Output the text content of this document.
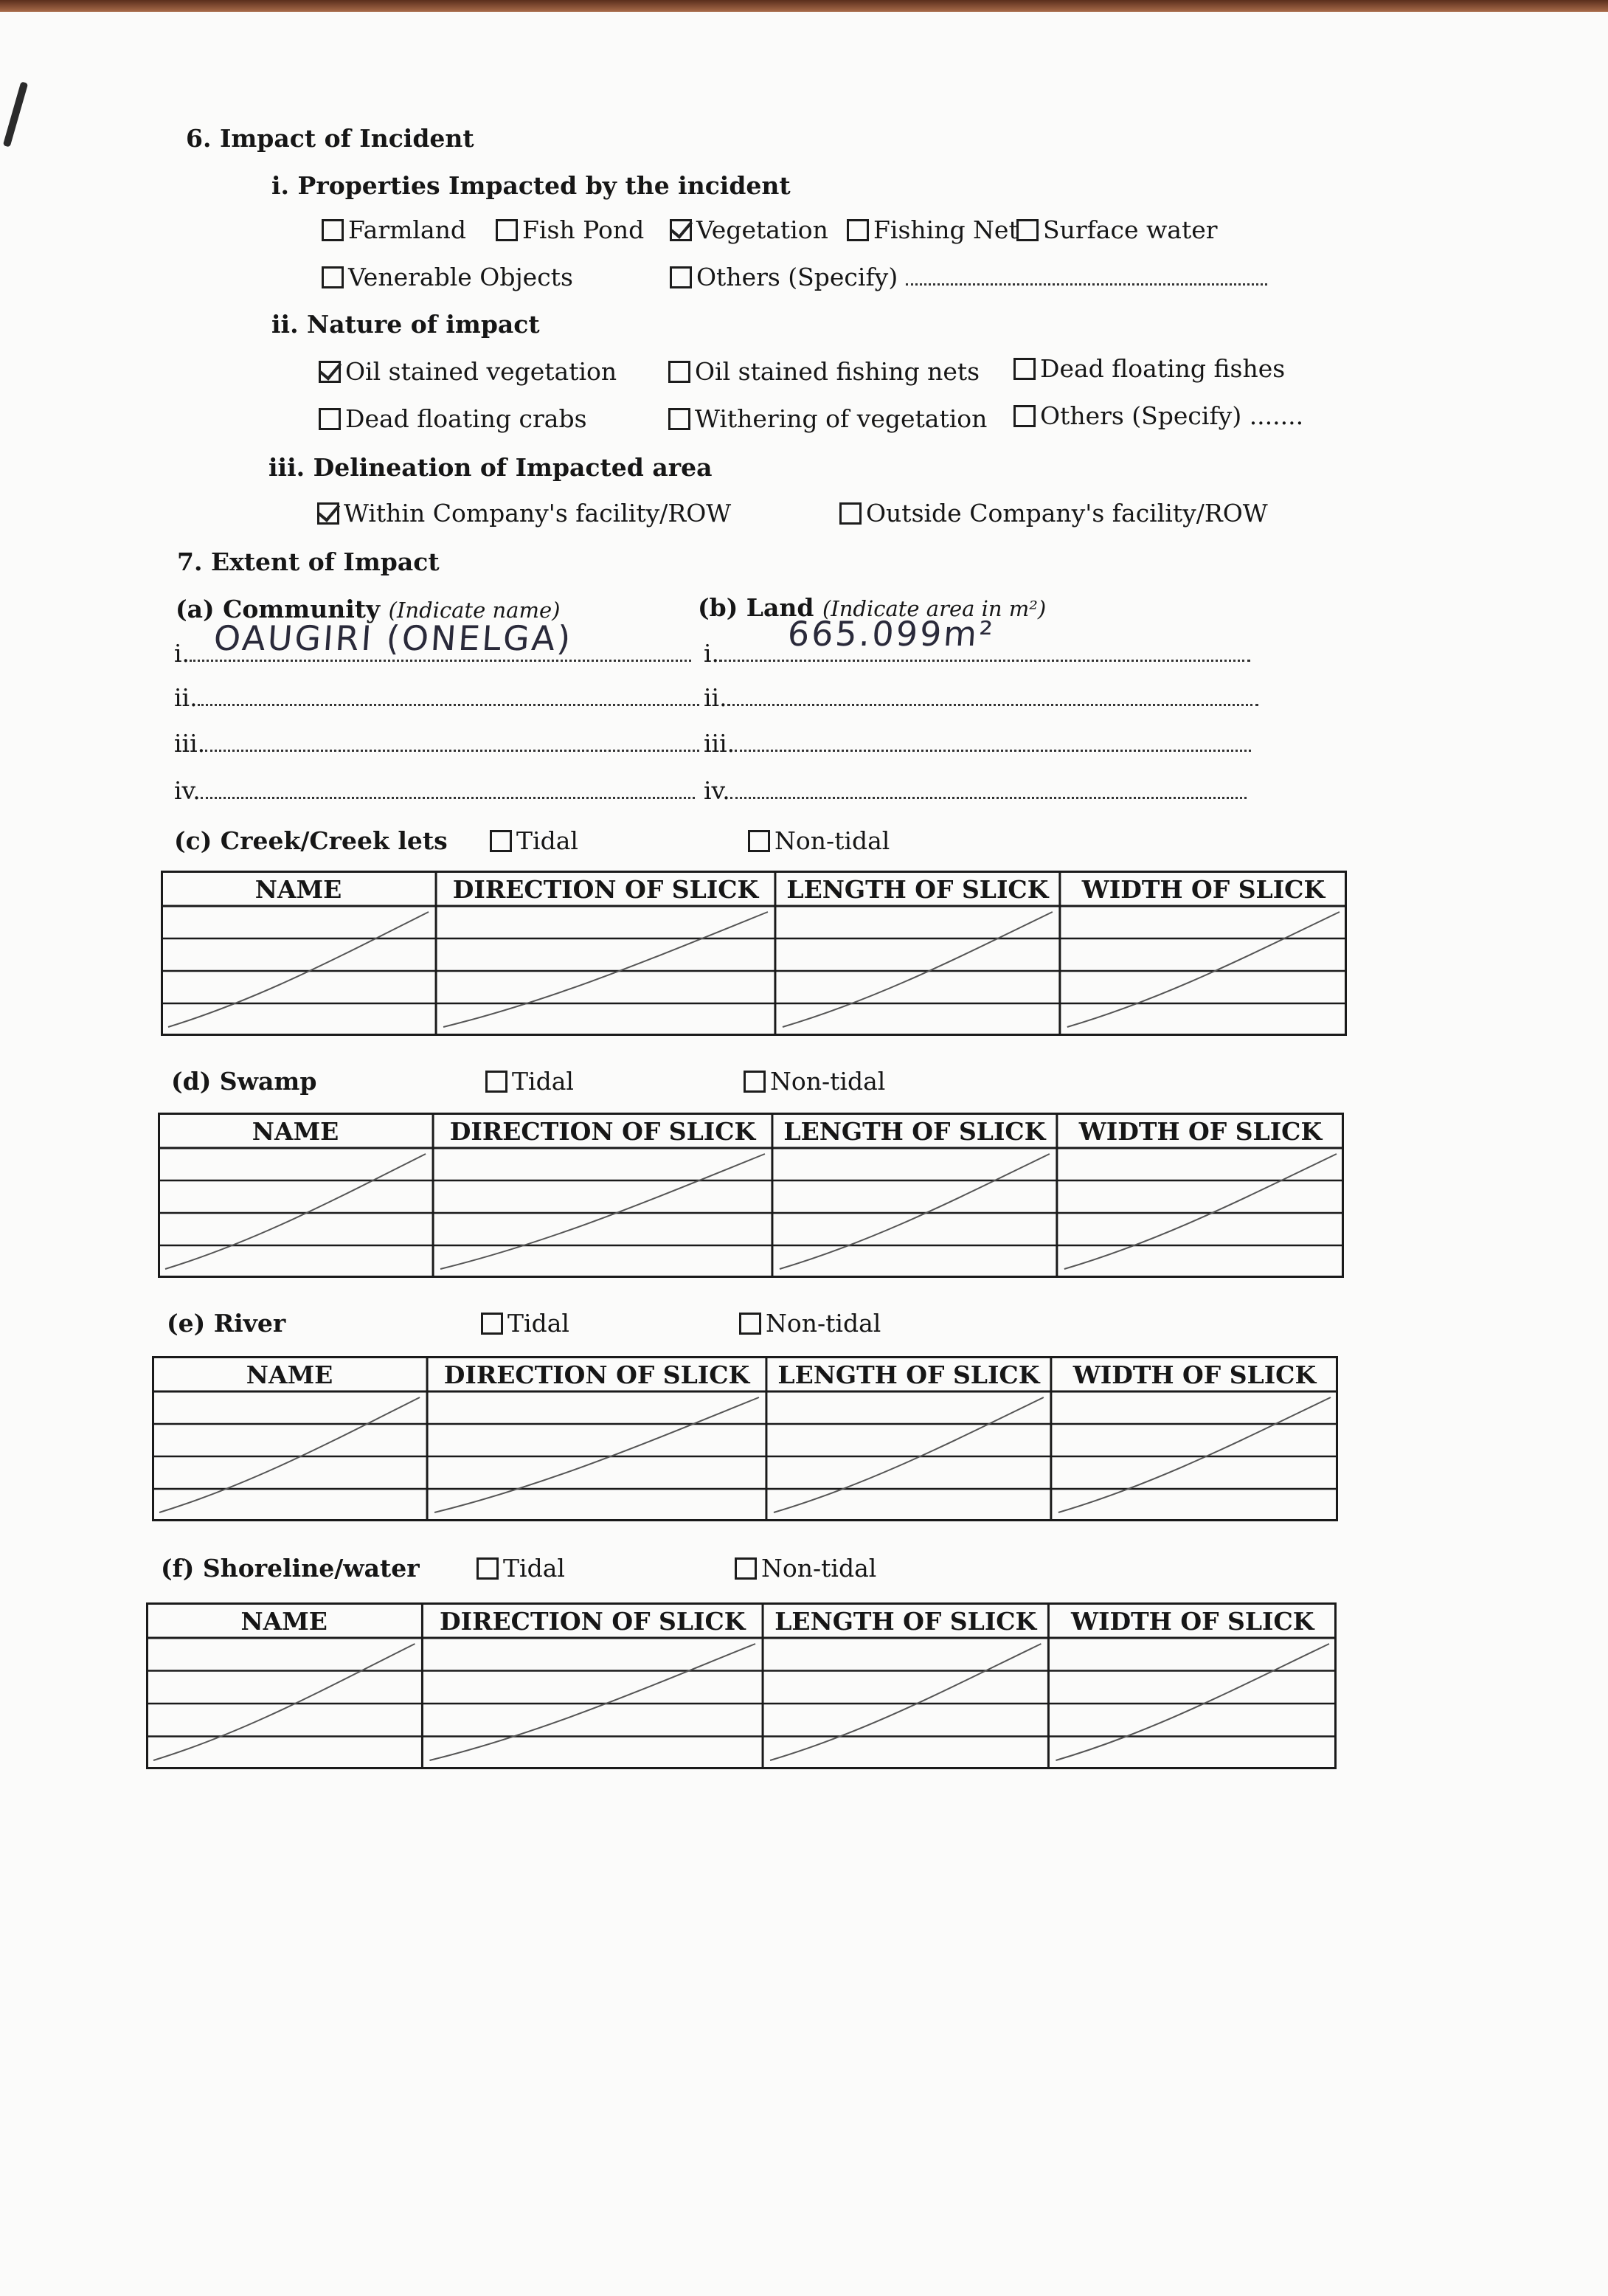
6. Impact of Incident
i. Properties Impacted by the incident
Farmland	Fish Pond	Vegetation	Fishing Net	Surface water
Venerable Objects	Others (Specify)
ii. Nature of impact
Oil stained vegetation	Oil stained fishing nets	Dead floating fishes
Dead floating crabs	Withering of vegetation	Others (Specify) .......
iii. Delineation of Impacted area
Within Company's facility/ROW	Outside Company's facility/ROW
7. Extent of Impact
(a) Community (Indicate name)	(b) Land (Indicate area in m²)
i. OAUGIRI (ONELGA)
ii.
iii.
iv.
i.	665.099m²
ii.
iii.
iv.
(c) Creek/Creek lets	Tidal	Non-tidal
NAME	DIRECTION OF SLICK	LENGTH OF SLICK	WIDTH OF SLICK
(d) Swamp	Tidal	Non-tidal
NAME	DIRECTION OF SLICK	LENGTH OF SLICK	WIDTH OF SLICK
(e) River	Tidal	Non-tidal
NAME	DIRECTION OF SLICK	LENGTH OF SLICK	WIDTH OF SLICK
(f) Shoreline/water	Tidal	Non-tidal
NAME	DIRECTION OF SLICK	LENGTH OF SLICK	WIDTH OF SLICK
